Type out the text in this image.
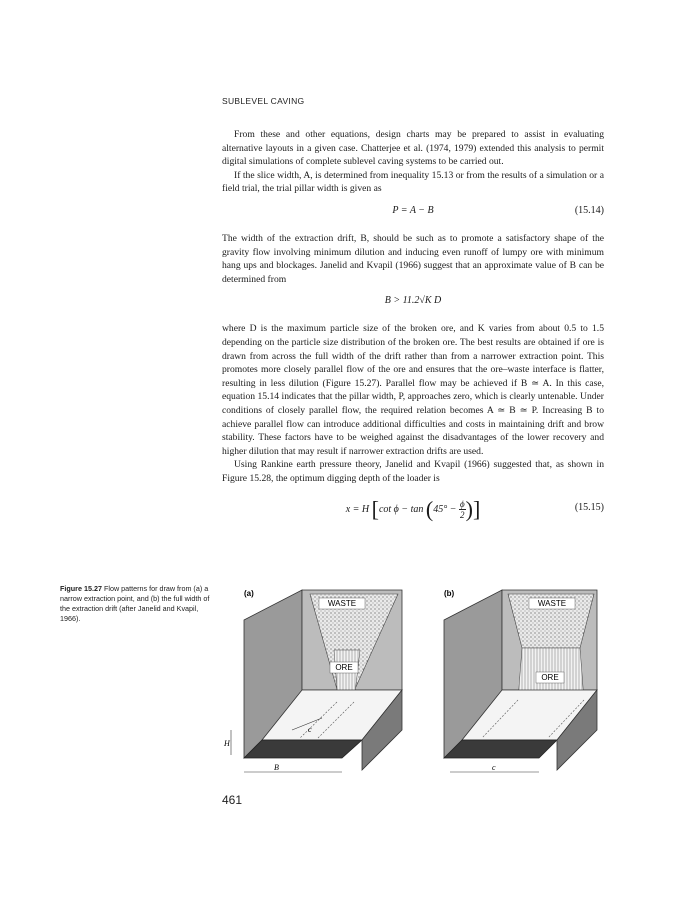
SUBLEVEL CAVING

From these and other equations, design charts may be prepared to assist in evaluating alternative layouts in a given case. Chatterjee et al. (1974, 1979) extended this analysis to permit digital simulations of complete sublevel caving systems to be carried out.

If the slice width, A, is determined from inequality 15.13 or from the results of a simulation or a field trial, the trial pillar width is given as

P = A − B	(15.14)

The width of the extraction drift, B, should be such as to promote a satisfactory shape of the gravity flow involving minimum dilution and inducing even runoff of lumpy ore with minimum hang ups and blockages. Janelid and Kvapil (1966) suggest that an approximate value of B can be determined from

B > 11.2√K D

where D is the maximum particle size of the broken ore, and K varies from about 0.5 to 1.5 depending on the particle size distribution of the broken ore. The best results are obtained if ore is drawn from across the full width of the drift rather than from a narrower extraction point. This promotes more closely parallel flow of the ore and ensures that the ore–waste interface is flatter, resulting in less dilution (Figure 15.27). Parallel flow may be achieved if B ≃ A. In this case, equation 15.14 indicates that the pillar width, P, approaches zero, which is clearly untenable. Under conditions of closely parallel flow, the required relation becomes A ≃ B ≃ P. Increasing B to achieve parallel flow can introduce additional difficulties and costs in maintaining drift and brow stability. These factors have to be weighed against the disadvantages of the lower recovery and higher dilution that may result if narrower extraction drifts are used.

Using Rankine earth pressure theory, Janelid and Kvapil (1966) suggested that, as shown in Figure 15.28, the optimum digging depth of the loader is

x = H [cot $\phi - \tan (45^\circ - \frac{\phi}{2}$ )]	(15.15)
Figure 15.27 Flow patterns for draw from (a) a narrow extraction point, and (b) the full width of the extraction drift (after Janelid and Kvapil, 1966).
(a)
WASTE
ORE
H
B
c
(b)
WASTE
ORE
c
461
